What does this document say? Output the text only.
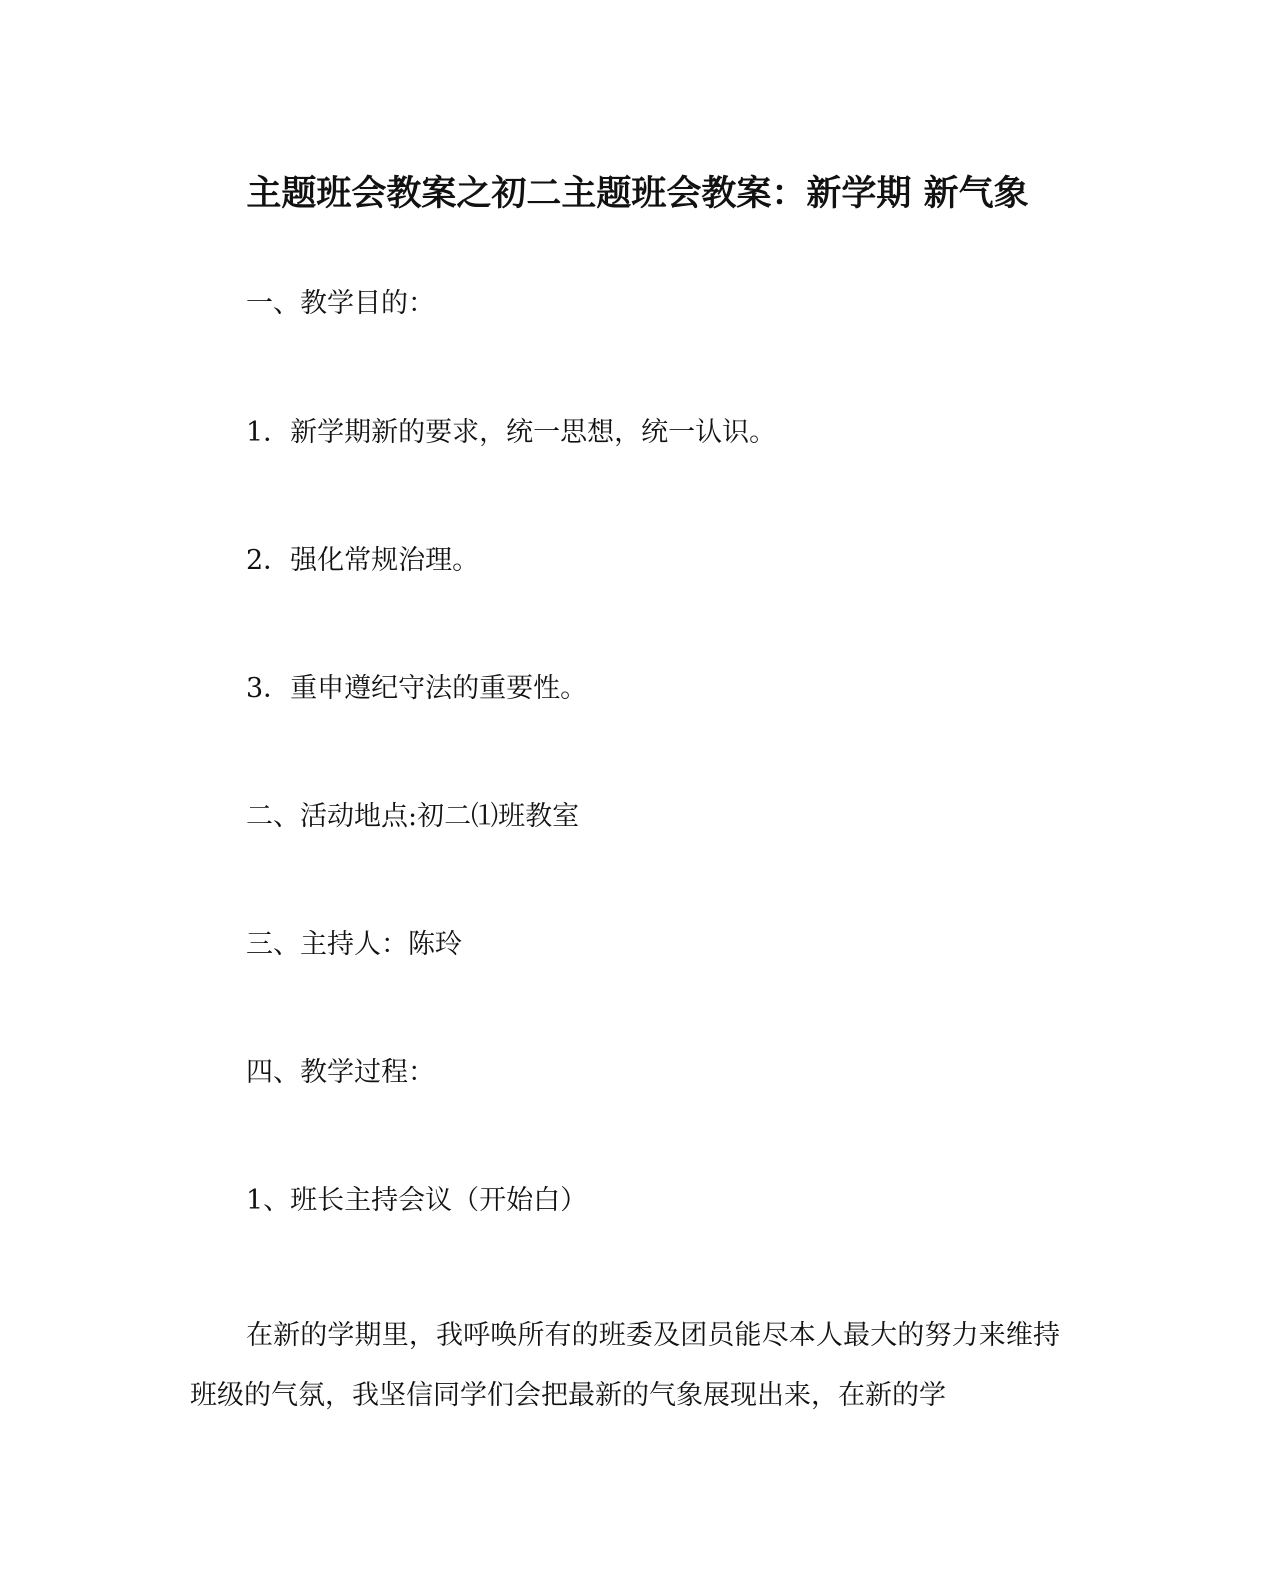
主题班会教案之初二主题班会教案：新学期 新气象
一、教学目的：
1．新学期新的要求，统一思想，统一认识。
2．强化常规治理。
3．重申遵纪守法的重要性。
二、活动地点:初二⑴班教室
三、主持人：陈玲
四、教学过程：
1、班长主持会议（开始白）
在新的学期里，我呼唤所有的班委及团员能尽本人最大的努力来维持班级的气氛，我坚信同学们会把最新的气象展现出来，在新的学
